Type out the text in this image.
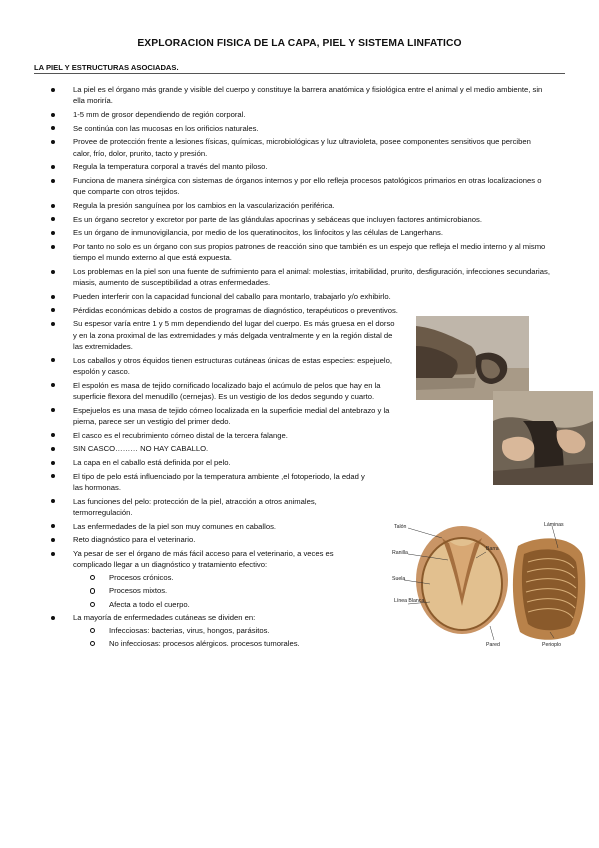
EXPLORACION FISICA DE LA CAPA, PIEL Y SISTEMA LINFATICO
LA PIEL Y ESTRUCTURAS ASOCIADAS.
La piel es el órgano más grande y visible del cuerpo y constituye la barrera anatómica y fisiológica entre el animal y el medio ambiente, sin ella moriría.
1-5 mm de grosor dependiendo de región corporal.
Se continúa con las mucosas en los orificios naturales.
Provee de protección frente a lesiones físicas, químicas, microbiológicas y luz ultravioleta, posee componentes sensitivos que perciben calor, frío, dolor, prurito, tacto y presión.
Regula la temperatura corporal a través del manto piloso.
Funciona de manera sinérgica con sistemas de órganos internos y por ello refleja procesos patológicos primarios en otras localizaciones o que comparte con otros tejidos.
Regula la presión sanguínea por los cambios en la vascularización periférica.
Es un órgano secretor y excretor por parte de las glándulas apocrinas y sebáceas que incluyen factores antimicrobianos.
Es un órgano de inmunovigilancia, por medio de los queratinocitos, los linfocitos y las células de Langerhans.
Por tanto no solo es un órgano con sus propios patrones de reacción sino que también es un espejo que refleja el medio interno y al mismo tiempo el mundo externo al que está expuesta.
Los problemas en la piel son una fuente de sufrimiento para el animal: molestias, irritabilidad, prurito, desfiguración, infecciones secundarias, miasis, aumento de susceptibilidad a otras enfermedades.
Pueden interferir con la capacidad funcional del caballo para montarlo, trabajarlo y/o exhibirlo.
Pérdidas económicas debido a costos de programas de diagnóstico, terapéuticos o preventivos.
Su espesor varía entre 1 y 5 mm dependiendo del lugar del cuerpo. Es más gruesa en el dorso y en la zona proximal de las extremidades y más delgada ventralmente y en la región distal de las extremidades.
Los caballos y otros équidos tienen estructuras cutáneas únicas de estas especies: espejuelo, espolón y casco.
El espolón es masa de tejido cornificado localizado bajo el acúmulo de pelos que hay en la superficie flexora del menudillo (cernejas). Es un vestigio de los dedos segundo y cuarto.
Espejuelos es una masa de tejido córneo localizada en la superficie medial del antebrazo y la pierna, parece ser un vestigio del primer dedo.
El casco es el recubrimiento córneo distal de la tercera falange.
SIN CASCO……… NO HAY CABALLO.
La capa en el caballo está definida por el pelo.
El tipo de pelo está influenciado por la temperatura ambiente ,el fotoperiodo, la edad y las hormonas.
Las funciones del pelo: protección de la piel, atracción a otros animales, termorregulación.
Las enfermedades de la piel son muy comunes en caballos.
Reto diagnóstico para el veterinario.
Ya pesar de ser el órgano de más fácil acceso para el veterinario, a veces es complicado llegar a un diagnóstico y tratamiento efectivo:
Procesos crónicos.
Procesos mixtos.
Afecta a todo el cuerpo.
La mayoría de enfermedades cutáneas se dividen en:
Infecciosas: bacterias, virus, hongos, parásitos.
No infecciosas: procesos alérgicos. procesos tumorales.
Talón
Ranilla
Suela
Línea Blanca
Barra
Pared
Láminas
Perioplo
